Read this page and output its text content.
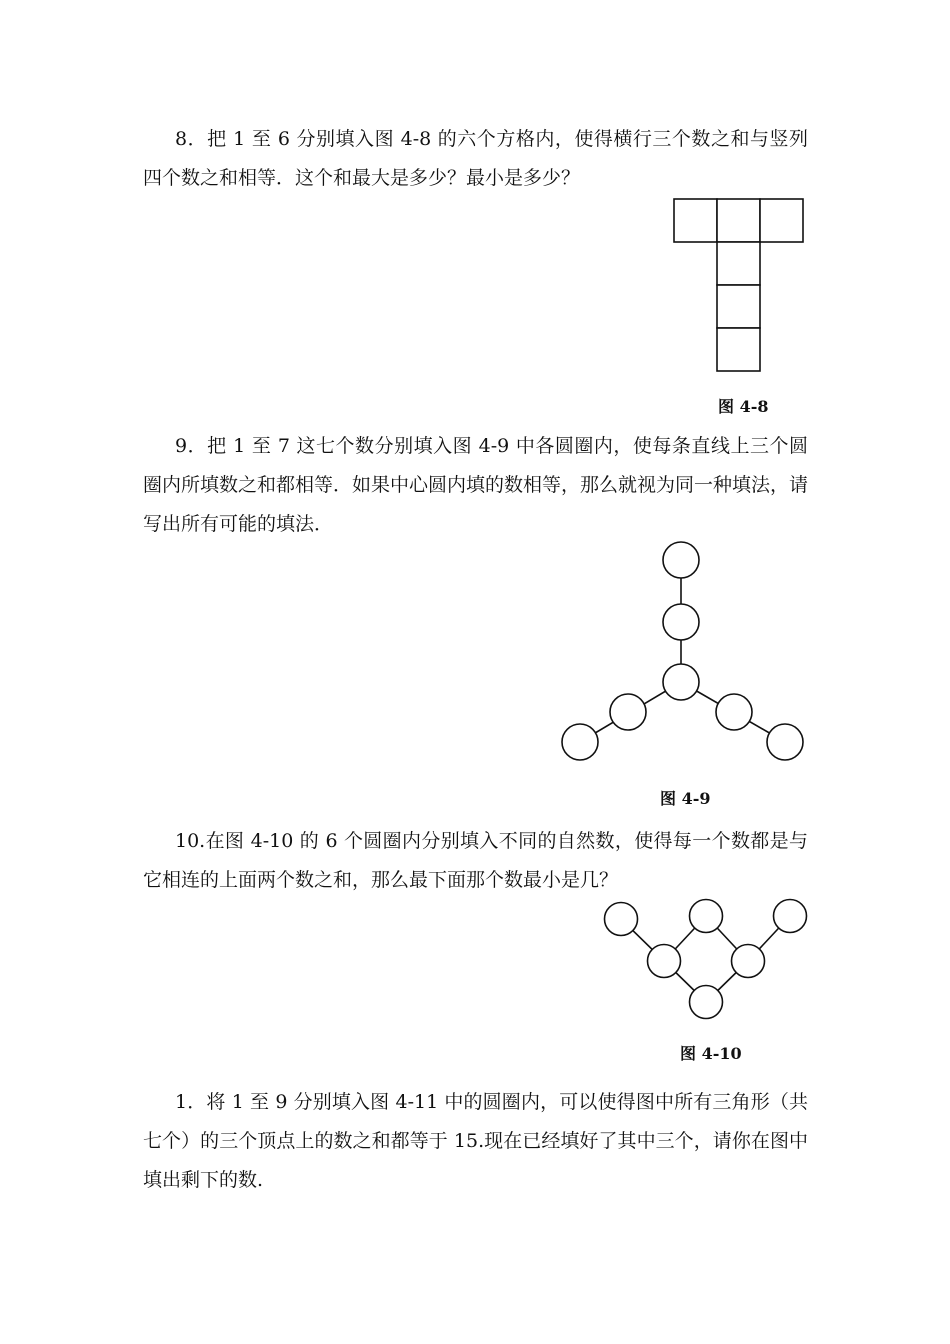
8．把 1 至 6 分别填入图 4-8 的六个方格内，使得横行三个数之和与竖列四个数之和相等．这个和最大是多少？最小是多少？

图 4-8

9．把 1 至 7 这七个数分别填入图 4-9 中各圆圈内，使每条直线上三个圆圈内所填数之和都相等．如果中心圆内填的数相等，那么就视为同一种填法，请写出所有可能的填法．

图 4-9

10.在图 4-10 的 6 个圆圈内分别填入不同的自然数，使得每一个数都是与它相连的上面两个数之和，那么最下面那个数最小是几？

图 4-10

1．将 1 至 9 分别填入图 4-11 中的圆圈内，可以使得图中所有三角形（共七个）的三个顶点上的数之和都等于 15.现在已经填好了其中三个，请你在图中填出剩下的数.
